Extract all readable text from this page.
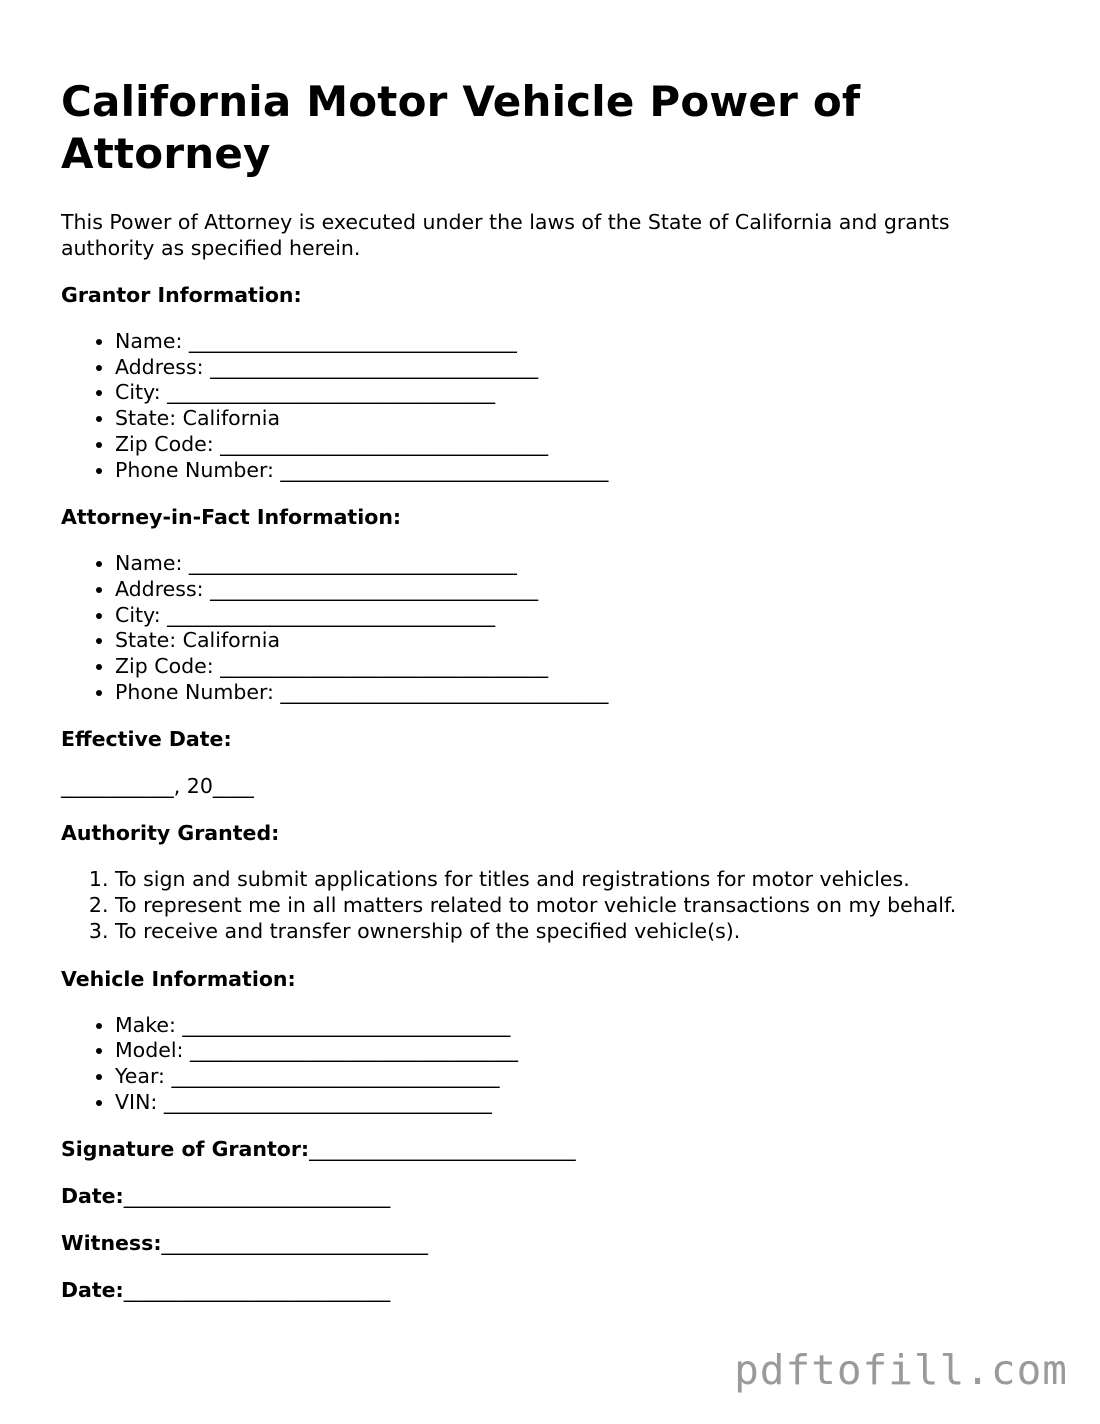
California Motor Vehicle Power of Attorney

This Power of Attorney is executed under the laws of the State of California and grants authority as specified herein.

Grantor Information:

• Name: ________________________________
• Address: ________________________________
• City: ________________________________
• State: California
• Zip Code: ________________________________
• Phone Number: ________________________________

Attorney-in-Fact Information:

• Name: ________________________________
• Address: ________________________________
• City: ________________________________
• State: California
• Zip Code: ________________________________
• Phone Number: ________________________________

Effective Date:

___________, 20____

Authority Granted:

1. To sign and submit applications for titles and registrations for motor vehicles.
2. To represent me in all matters related to motor vehicle transactions on my behalf.
3. To receive and transfer ownership of the specified vehicle(s).

Vehicle Information:

• Make: ________________________________
• Model: ________________________________
• Year: ________________________________
• VIN: ________________________________

Signature of Grantor:__________________________

Date:__________________________

Witness:__________________________

Date:__________________________

pdftofill.com
